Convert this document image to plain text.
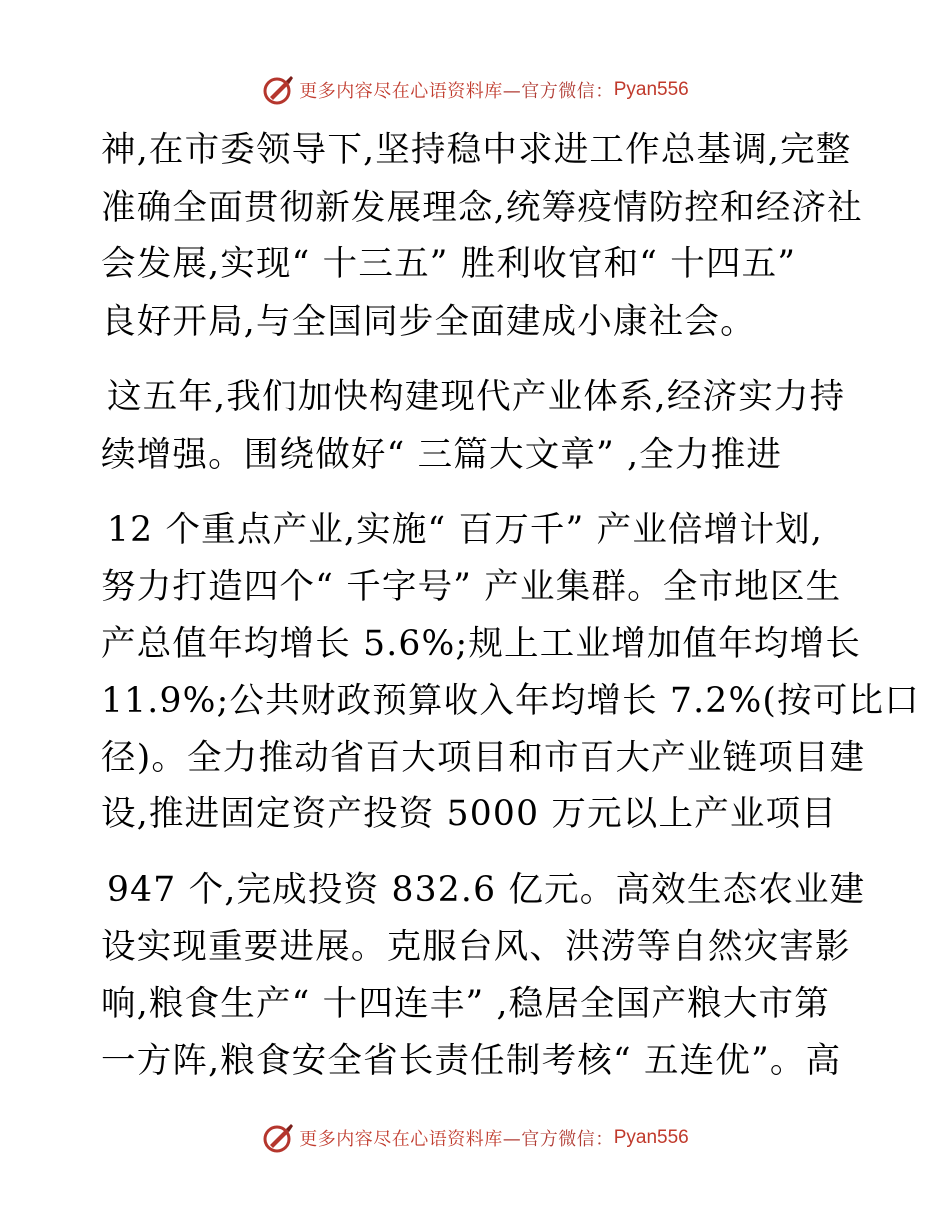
更多内容尽在心语资料库 —官方微信： Pyan556
神,在市委领导下,坚持稳中求进工作总基调,完整
准确全面贯彻新发展理念,统筹疫情防控和经济社
会发展,实现“ 十三五” 胜利收官和“ 十四五”
良好开局,与全国同步全面建成小康社会。
这五年,我们加快构建现代产业体系,经济实力持
续增强。围绕做好“ 三篇大文章” ,全力推进
12 个重点产业,实施“ 百万千” 产业倍增计划,
努力打造四个“ 千字号” 产业集群。全市地区生
产总值年均增长 5.6%;规上工业增加值年均增长
11.9%;公共财政预算收入年均增长 7.2%(按可比口
径)。全力推动省百大项目和市百大产业链项目建
设,推进固定资产投资 5000 万元以上产业项目
947 个,完成投资 832.6 亿元。高效生态农业建
设实现重要进展。克服台风、洪涝等自然灾害影
响,粮食生产“ 十四连丰” ,稳居全国产粮大市第
一方阵,粮食安全省长责任制考核“ 五连优”。高
更多内容尽在心语资料库 —官方微信： Pyan556
